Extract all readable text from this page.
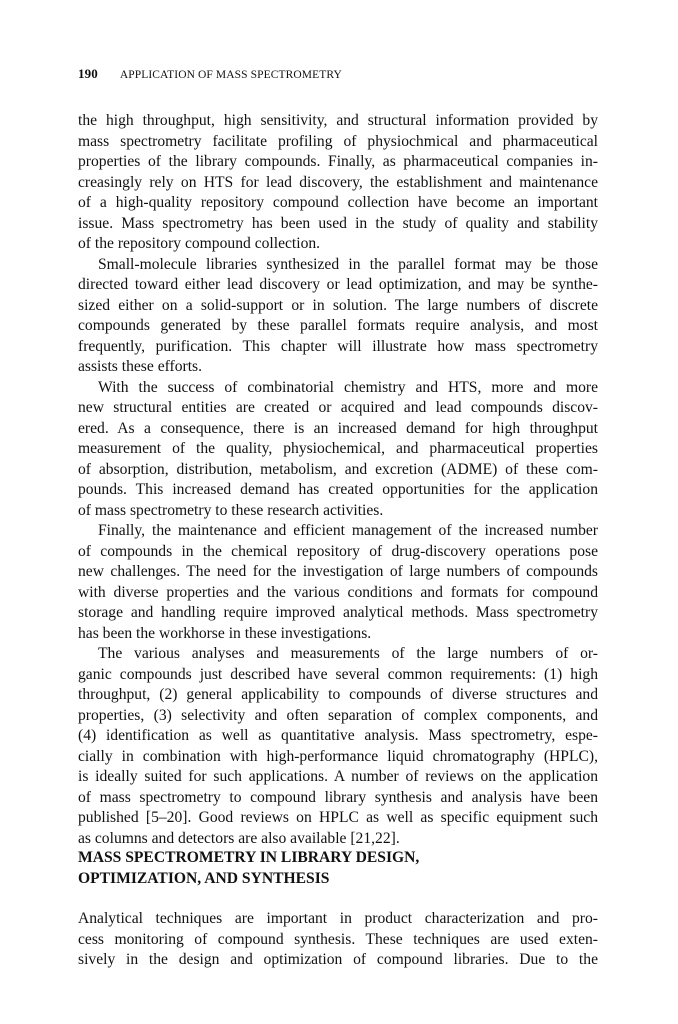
190 APPLICATION OF MASS SPECTROMETRY
the high throughput, high sensitivity, and structural information provided by
mass spectrometry facilitate profiling of physiochmical and pharmaceutical
properties of the library compounds. Finally, as pharmaceutical companies in-
creasingly rely on HTS for lead discovery, the establishment and maintenance
of a high-quality repository compound collection have become an important
issue. Mass spectrometry has been used in the study of quality and stability
of the repository compound collection.
Small-molecule libraries synthesized in the parallel format may be those
directed toward either lead discovery or lead optimization, and may be synthe-
sized either on a solid-support or in solution. The large numbers of discrete
compounds generated by these parallel formats require analysis, and most
frequently, purification. This chapter will illustrate how mass spectrometry
assists these efforts.
With the success of combinatorial chemistry and HTS, more and more
new structural entities are created or acquired and lead compounds discov-
ered. As a consequence, there is an increased demand for high throughput
measurement of the quality, physiochemical, and pharmaceutical properties
of absorption, distribution, metabolism, and excretion (ADME) of these com-
pounds. This increased demand has created opportunities for the application
of mass spectrometry to these research activities.
Finally, the maintenance and efficient management of the increased number
of compounds in the chemical repository of drug-discovery operations pose
new challenges. The need for the investigation of large numbers of compounds
with diverse properties and the various conditions and formats for compound
storage and handling require improved analytical methods. Mass spectrometry
has been the workhorse in these investigations.
The various analyses and measurements of the large numbers of or-
ganic compounds just described have several common requirements: (1) high
throughput, (2) general applicability to compounds of diverse structures and
properties, (3) selectivity and often separation of complex components, and
(4) identification as well as quantitative analysis. Mass spectrometry, espe-
cially in combination with high-performance liquid chromatography (HPLC),
is ideally suited for such applications. A number of reviews on the application
of mass spectrometry to compound library synthesis and analysis have been
published [5–20]. Good reviews on HPLC as well as specific equipment such
as columns and detectors are also available [21,22].
MASS SPECTROMETRY IN LIBRARY DESIGN,
OPTIMIZATION, AND SYNTHESIS
Analytical techniques are important in product characterization and pro-
cess monitoring of compound synthesis. These techniques are used exten-
sively in the design and optimization of compound libraries. Due to the
